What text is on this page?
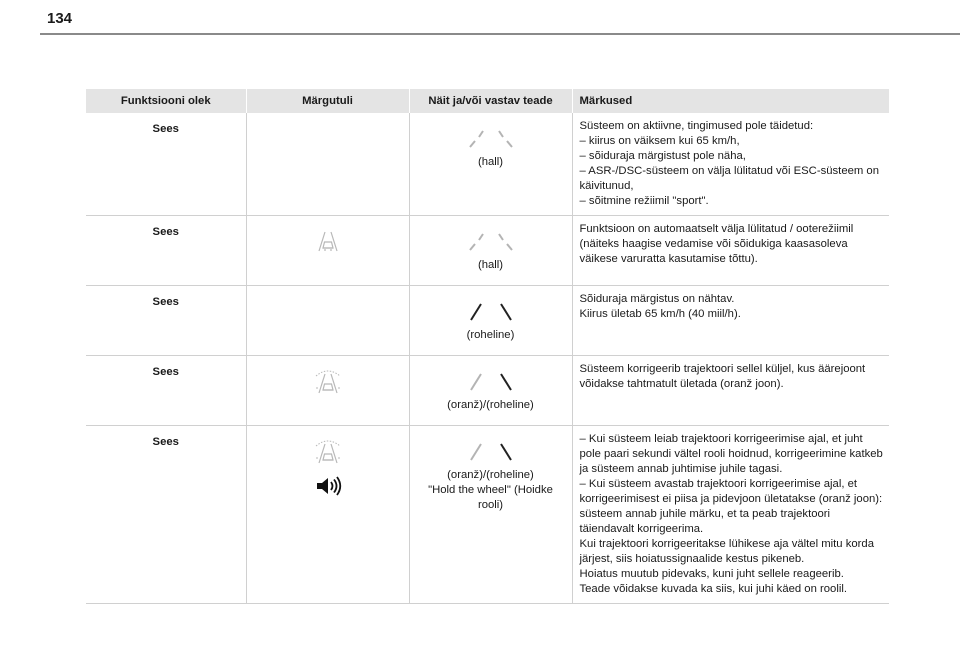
134
Funktsiooni olek	Märgutuli	Näit ja/või vastav teade	Märkused
Sees		(hall)	Süsteem on aktiivne, tingimused pole täidetud:
– kiirus on väiksem kui 65 km/h,
– sõiduraja märgistust pole näha,
– ASR-/DSC-süsteem on välja lülitatud või ESC-süsteem on käivitunud,
– sõitmine režiimil "sport".

Sees		(hall)	Funktsioon on automaatselt välja lülitatud / ooterežiimil (näiteks haagise vedamise või sõidukiga kaasasoleva väikese varuratta kasutamise tõttu).

Sees		(roheline)	Sõiduraja märgistus on nähtav.
Kiirus ületab 65 km/h (40 miil/h).

Sees		(oranž)/(roheline)	Süsteem korrigeerib trajektoori sellel küljel, kus äärejoont võidakse tahtmatult ületada (oranž joon).

Sees		(oranž)/(roheline)
"Hold the wheel" (Hoidke rooli)	– Kui süsteem leiab trajektoori korrigeerimise ajal, et juht pole paari sekundi vältel rooli hoidnud, korrigeerimine katkeb ja süsteem annab juhtimise juhile tagasi.
– Kui süsteem avastab trajektoori korrigeerimise ajal, et korrigeerimisest ei piisa ja pidevjoon ületatakse (oranž joon): süsteem annab juhile märku, et ta peab trajektoori täiendavalt korrigeerima.
Kui trajektoori korrigeeritakse lühikese aja vältel mitu korda järjest, siis hoiatussignaalide kestus pikeneb.
Hoiatus muutub pidevaks, kuni juht sellele reageerib.
Teade võidakse kuvada ka siis, kui juhi käed on roolil.
